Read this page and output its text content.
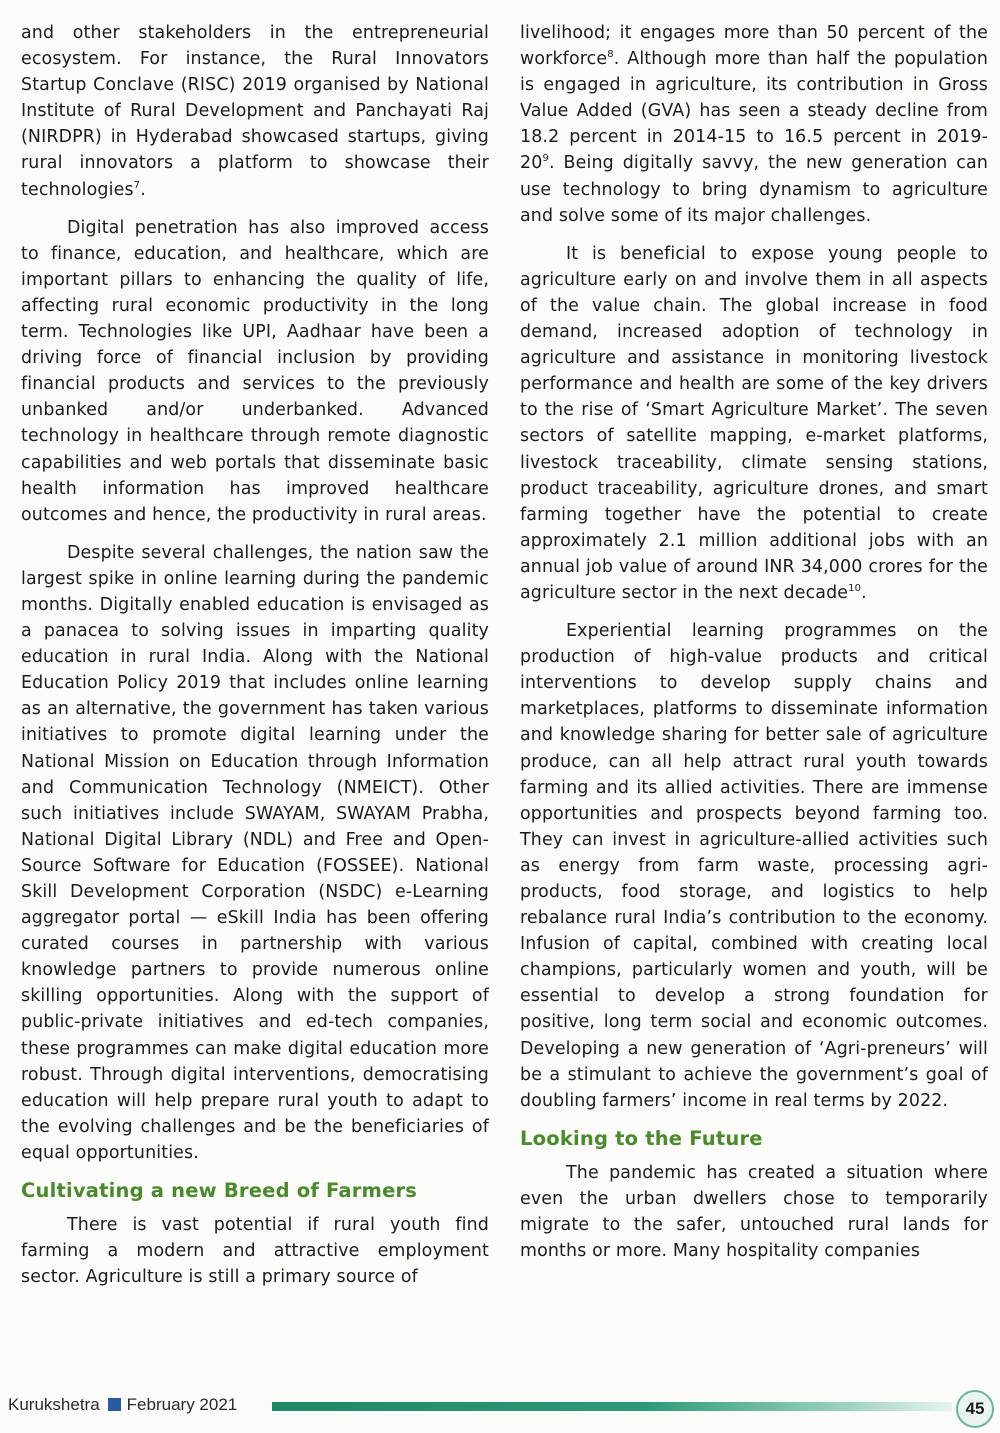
and other stakeholders in the entrepreneurial ecosystem. For instance, the Rural Innovators Startup Conclave (RISC) 2019 organised by National Institute of Rural Development and Panchayati Raj (NIRDPR) in Hyderabad showcased startups, giving rural innovators a platform to showcase their technologies$^7$.

Digital penetration has also improved access to finance, education, and healthcare, which are important pillars to enhancing the quality of life, affecting rural economic productivity in the long term. Technologies like UPI, Aadhaar have been a driving force of financial inclusion by providing financial products and services to the previously unbanked and/or underbanked. Advanced technology in healthcare through remote diagnostic capabilities and web portals that disseminate basic health information has improved healthcare outcomes and hence, the productivity in rural areas.

Despite several challenges, the nation saw the largest spike in online learning during the pandemic months. Digitally enabled education is envisaged as a panacea to solving issues in imparting quality education in rural India. Along with the National Education Policy 2019 that includes online learning as an alternative, the government has taken various initiatives to promote digital learning under the National Mission on Education through Information and Communication Technology (NMEICT). Other such initiatives include SWAYAM, SWAYAM Prabha, National Digital Library (NDL) and Free and Open-Source Software for Education (FOSSEE). National Skill Development Corporation (NSDC) e-Learning aggregator portal — eSkill India has been offering curated courses in partnership with various knowledge partners to provide numerous online skilling opportunities. Along with the support of public-private initiatives and ed-tech companies, these programmes can make digital education more robust. Through digital interventions, democratising education will help prepare rural youth to adapt to the evolving challenges and be the beneficiaries of equal opportunities.

Cultivating a new Breed of Farmers

There is vast potential if rural youth find farming a modern and attractive employment sector. Agriculture is still a primary source of

livelihood; it engages more than 50 percent of the workforce$^8$. Although more than half the population is engaged in agriculture, its contribution in Gross Value Added (GVA) has seen a steady decline from 18.2 percent in 2014-15 to 16.5 percent in $2019-20^9$. Being digitally savvy, the new generation can use technology to bring dynamism to agriculture and solve some of its major challenges.

It is beneficial to expose young people to agriculture early on and involve them in all aspects of the value chain. The global increase in food demand, increased adoption of technology in agriculture and assistance in monitoring livestock performance and health are some of the key drivers to the rise of ‘Smart Agriculture Market’. The seven sectors of satellite mapping, e-market platforms, livestock traceability, climate sensing stations, product traceability, agriculture drones, and smart farming together have the potential to create approximately 2.1 million additional jobs with an annual job value of around INR 34,000 crores for the agriculture sector in the next decade$^{10}$.

Experiential learning programmes on the production of high-value products and critical interventions to develop supply chains and marketplaces, platforms to disseminate information and knowledge sharing for better sale of agriculture produce, can all help attract rural youth towards farming and its allied activities. There are immense opportunities and prospects beyond farming too. They can invest in agriculture-allied activities such as energy from farm waste, processing agri-products, food storage, and logistics to help rebalance rural India’s contribution to the economy. Infusion of capital, combined with creating local champions, particularly women and youth, will be essential to develop a strong foundation for positive, long term social and economic outcomes. Developing a new generation of ‘Agri-preneurs’ will be a stimulant to achieve the government’s goal of doubling farmers’ income in real terms by 2022.

Looking to the Future

The pandemic has created a situation where even the urban dwellers chose to temporarily migrate to the safer, untouched rural lands for months or more. Many hospitality companies

Kurukshetra February 2021	45
